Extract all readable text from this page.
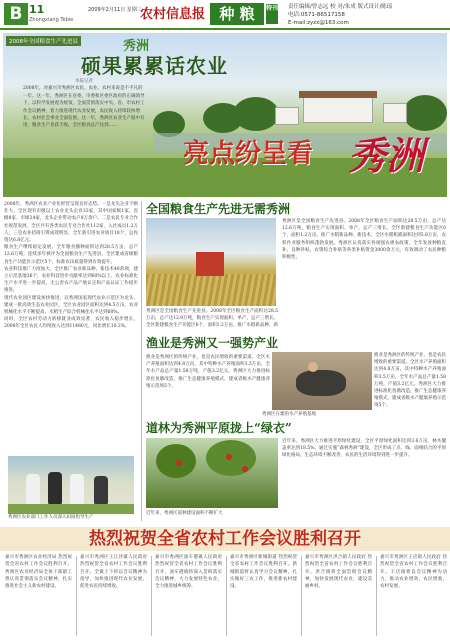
B 11
Zhongxiang Tebie
2009年2月11日 星期三
农村信息报 种 粮	特刊 责任编辑/曾志远 校 对/朱成 版式设计/陈瑶
电话:0571-86517158
E-mail:zyzx@163.com
2008年全国粮食生产先进县	秀洲
硕果累累话农业
本报记者
2008年，对嘉兴市秀洲区农民、农业、农村来说是不平凡的一年。这一年，秀洲区在省委、市委和区委区政府的正确领导下，以科学发展观为统领，全面贯彻落实中央、省、市农村工作会议精神，着力推进现代农业发展，农民收入持续较快增长，农村社会事业全面发展。这一年，秀洲区农业生产稳中有进，粮食生产喜获丰收，全区粮食总产达到……
亮点纷呈看 秀洲
2008年，秀洲区农业产业化经营呈现良好态势。一是龙头企业不断壮大。全区现有市级以上农业龙头企业33家，其中国家级1家、省级8家、市级24家，龙头企业带动农户8万余户。二是农民专业合作社规范发展，全区共有各类农民专业合作社112家，入社成员1.2万人。三是农业招商引资成效明显，全年新引进农业项目18个，总投资达6.8亿元。
粮食生产继续稳定发展。全年粮食播种面积达到28.5万亩，总产12.6万吨，连续多年被评为全国粮食生产先进县。全区建成省级粮食生产功能区示范区5个，标准农田质量得到有效提升。
农业科技推广力度加大，全区推广农业新品种、新技术40余项，建立示范基地36个，农业科技进步贡献率达到60%以上。农业标准化生产水平进一步提高，无公害农产品产地认定和产品认证工作稳步推进。
现代农业园区建设加快推进，以秀洲国家现代农业示范区为龙头，建成一批高效生态农业园区，全区农业园区面积达到4.5万亩。农业机械化水平不断提高，水稻生产综合机械化水平达到68%。
同时，全区农村劳动力转移就业成效显著，农民收入稳步增长，2008年全区农民人均纯收入达到11480元，同比增长10.2%。
秀洲区农业部门工作人员深入田间指导生产
全国粮食生产先进无需秀洲
秀洲区是全国粮食生产先进县。2008年全区粮食生产面积达28.5万亩，总产达12.6万吨，粮食生产实现面积、单产、总产三增长。全区新建粮食生产功能区6个，面积1.2万亩。推广水稻新品种、新
秀洲区是全国粮食生产先进县。2008年全区粮食生产面积达28.5万亩，总产达12.6万吨，粮食生产实现面积、单产、总产三增长。全区新建粮食生产功能区6个，面积1.2万亩。推广水稻新品种、新技术，全区水稻机插面积达到5.8万亩，农机作业服务组织蓬勃发展。秀洲区认真落实各项强农惠农政策，全年发放种粮直补、良种补贴、农资综合补贴等各类补贴资金3000余万元，有效调动了农民种粮积极性。
渔业是秀洲又一强势产业
渔业是秀洲区的传统产业，也是农民增收的重要渠道。全区水产养殖面积达到4.8万亩，其中特种水产养殖面积3.5万亩，全年水产品总产量1.58万吨，产值3.2亿元。秀洲区大力推进标准化鱼塘改造，推广生态健康养殖模式，建成省级水产健康养殖示范场5个。
渔业是秀洲区的传统产业，也是农民增收的重要渠道。全区水产养殖面积达到4.8万亩，其中特种水产养殖面积3.5万亩，全年水产品总产量1.58万吨，产值3.2亿元。秀洲区大力推进标准化鱼塘改造，推广生态健康养殖模式，建成省级水产健康养殖示范场5个。
秀洲区在建的水产养殖基地
道林为秀洲平原拢上“绿衣”
近年来，秀洲区大力推进平原绿化建设，全区平原绿化面积达到3.6万亩，林木覆盖率达到18.5%。通过实施“森林秀洲”建设，全区形成了点、线、面相结合的平原绿化格局，生态环境不断改善，农民的生活环境得到进一步提升。
近年来，秀洲区道林建设面积不断扩大
热烈祝贺全省农村工作会议胜利召开
嘉兴市秀洲区农业经济局 热烈祝贺全省农村工作会议胜利召开。秀洲区农业经济局全体干部职工将认真贯彻落实会议精神，扎实推进社会主义新农村建设。
嘉兴市秀洲区王江泾镇人民政府 热烈祝贺全省农村工作会议胜利召开。全镇上下将以会议精神为指导，加快推进现代农业发展，促进农民持续增收。
嘉兴市秀洲区油车港镇人民政府 热烈祝贺全省农村工作会议胜利召开。油车港镇将深入贯彻落实会议精神，大力发展特色农业，全力推进城乡统筹。
嘉兴市秀洲区新城街道 热烈祝贺全省农村工作会议胜利召开。新城街道将认真学习会议精神，扎实做好三农工作，推进新农村建设。
嘉兴市秀洲区洪合镇人民政府 热烈祝贺全省农村工作会议胜利召开。洪合镇将全面贯彻会议精神，加快发展现代农业，建设美丽乡村。
嘉兴市秀洲区王店镇人民政府 热烈祝贺全省农村工作会议胜利召开。王店镇将以会议精神为动力，推动农业增效、农民增收、农村发展。
